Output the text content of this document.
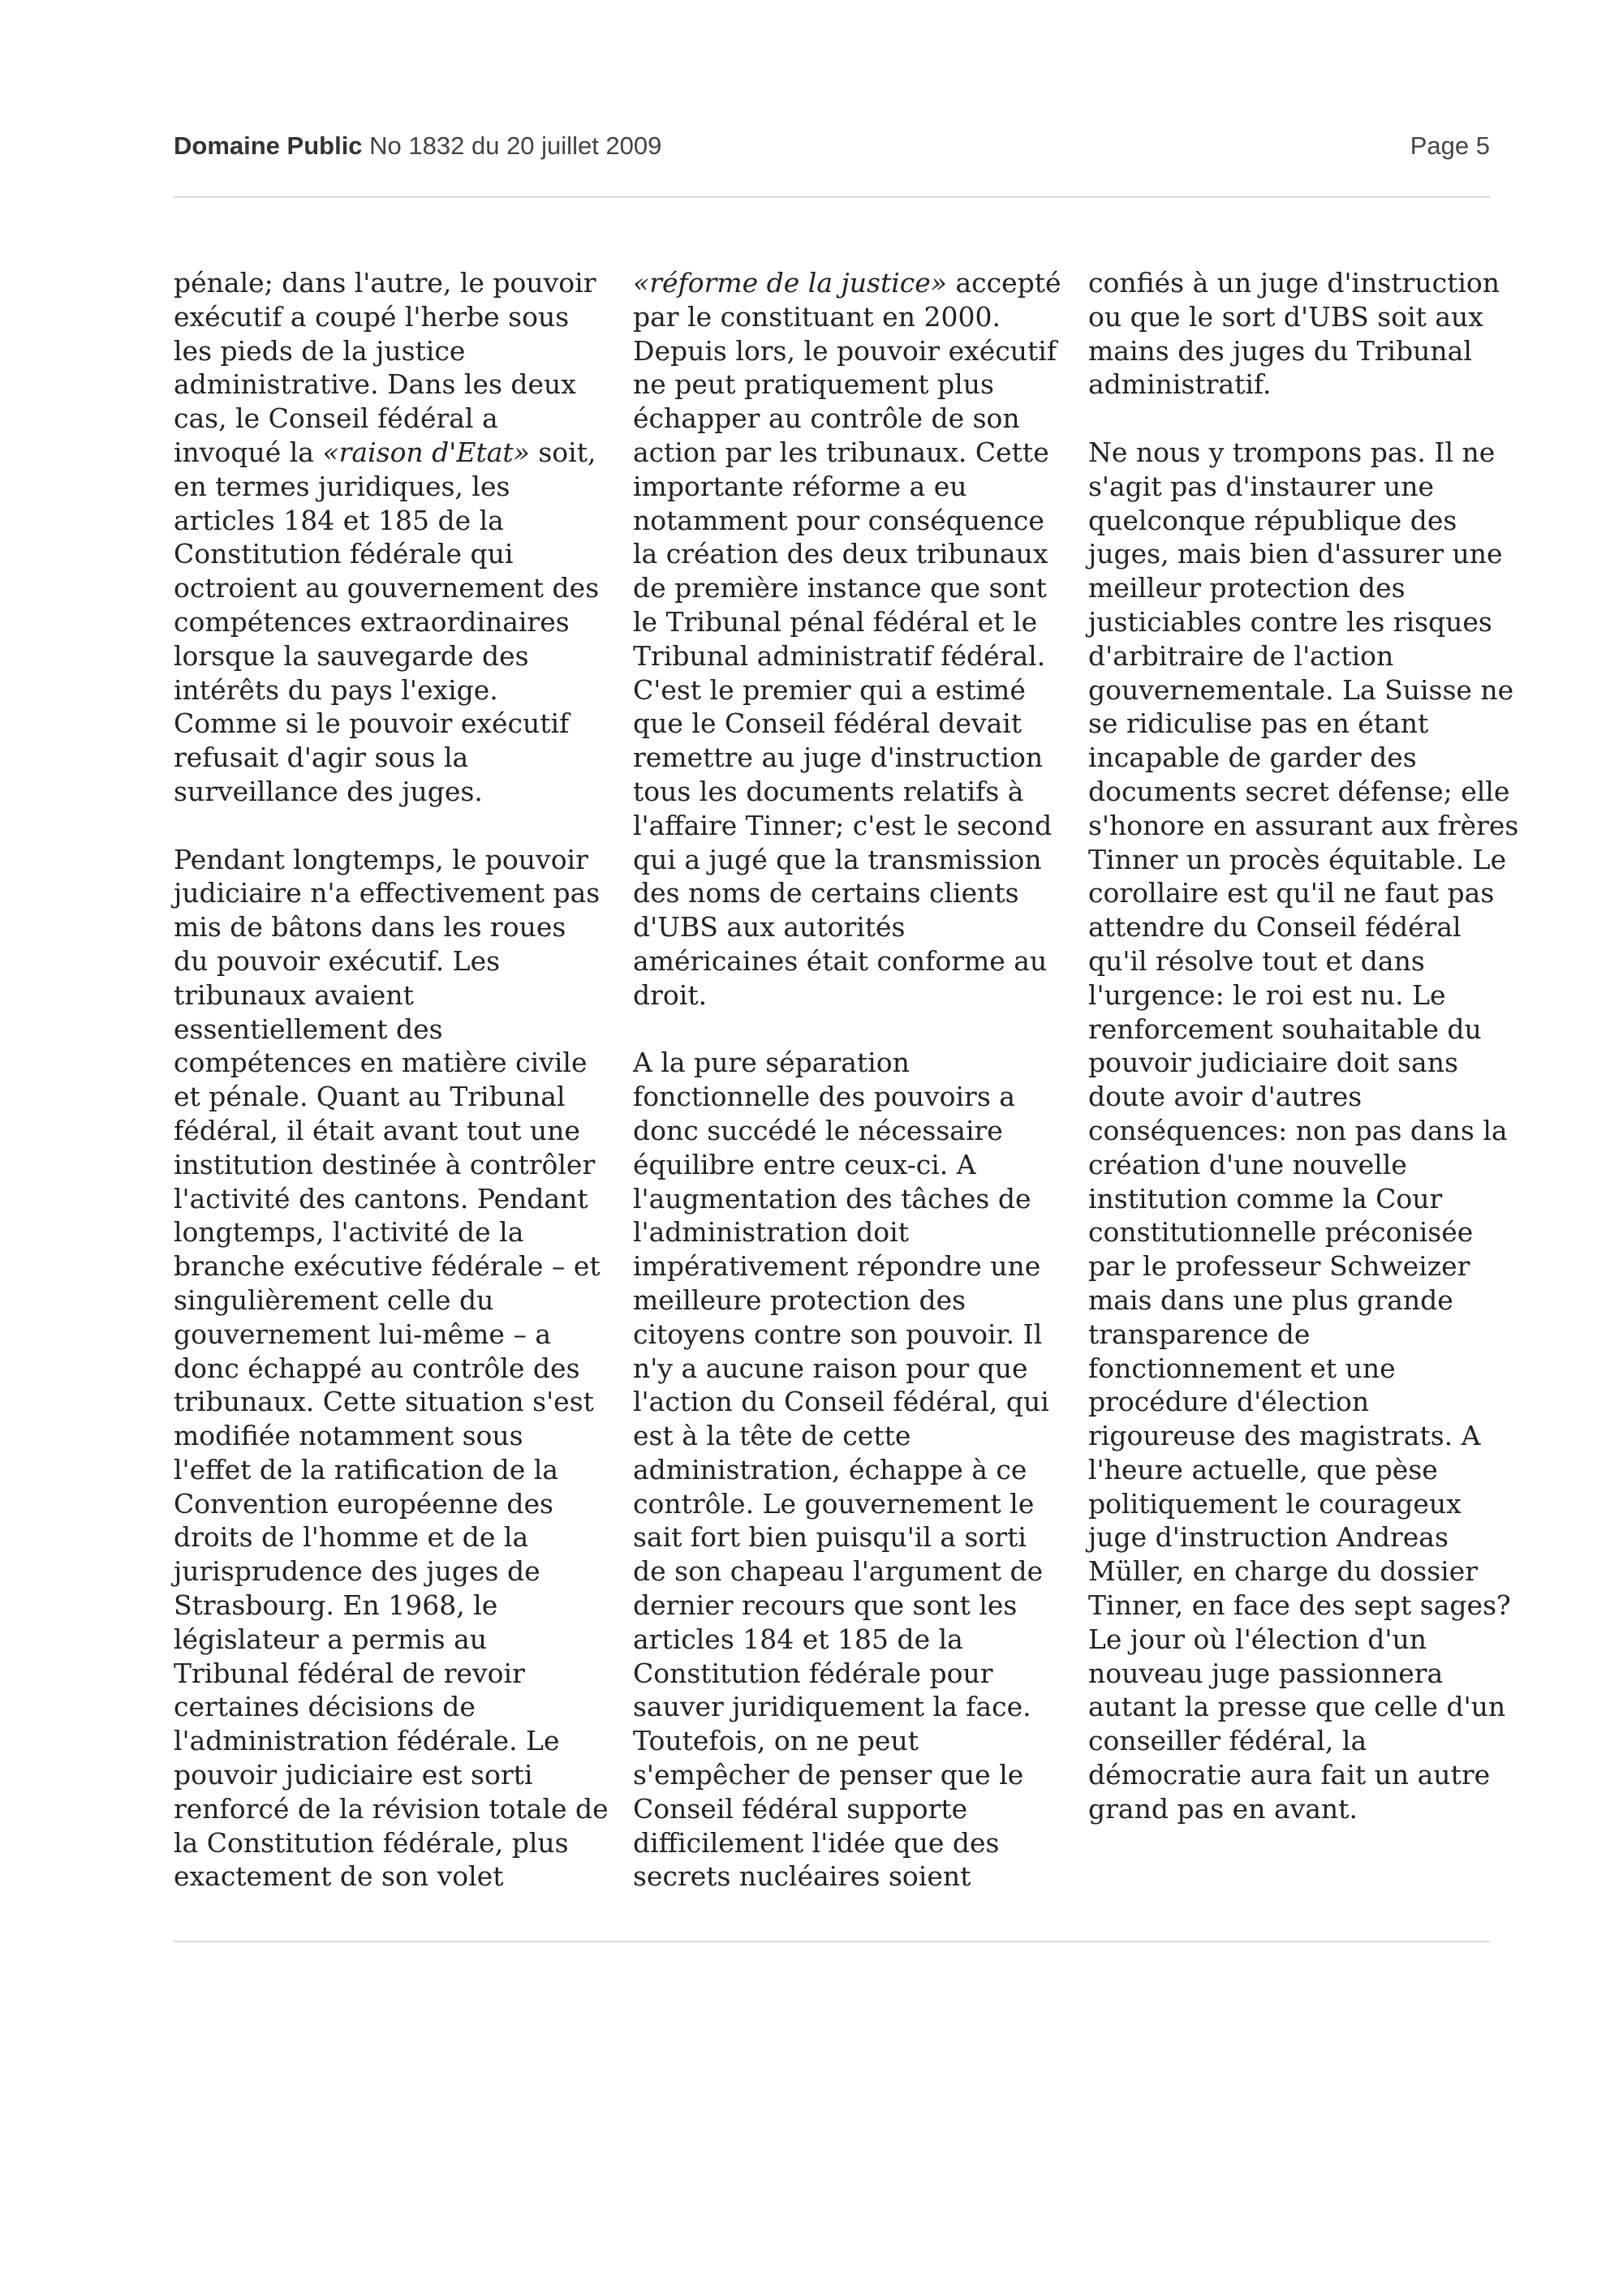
Domaine Public No 1832 du 20 juillet 2009	Page 5

pénale; dans l'autre, le pouvoir
exécutif a coupé l'herbe sous
les pieds de la justice
administrative. Dans les deux
cas, le Conseil fédéral a
invoqué la «raison d'Etat» soit,
en termes juridiques, les
articles 184 et 185 de la
Constitution fédérale qui
octroient au gouvernement des
compétences extraordinaires
lorsque la sauvegarde des
intérêts du pays l'exige.
Comme si le pouvoir exécutif
refusait d'agir sous la
surveillance des juges.

Pendant longtemps, le pouvoir
judiciaire n'a effectivement pas
mis de bâtons dans les roues
du pouvoir exécutif. Les
tribunaux avaient
essentiellement des
compétences en matière civile
et pénale. Quant au Tribunal
fédéral, il était avant tout une
institution destinée à contrôler
l'activité des cantons. Pendant
longtemps, l'activité de la
branche exécutive fédérale – et
singulièrement celle du
gouvernement lui-même – a
donc échappé au contrôle des
tribunaux. Cette situation s'est
modifiée notamment sous
l'effet de la ratification de la
Convention européenne des
droits de l'homme et de la
jurisprudence des juges de
Strasbourg. En 1968, le
législateur a permis au
Tribunal fédéral de revoir
certaines décisions de
l'administration fédérale. Le
pouvoir judiciaire est sorti
renforcé de la révision totale de
la Constitution fédérale, plus
exactement de son volet

«réforme de la justice» accepté
par le constituant en 2000.
Depuis lors, le pouvoir exécutif
ne peut pratiquement plus
échapper au contrôle de son
action par les tribunaux. Cette
importante réforme a eu
notamment pour conséquence
la création des deux tribunaux
de première instance que sont
le Tribunal pénal fédéral et le
Tribunal administratif fédéral.
C'est le premier qui a estimé
que le Conseil fédéral devait
remettre au juge d'instruction
tous les documents relatifs à
l'affaire Tinner; c'est le second
qui a jugé que la transmission
des noms de certains clients
d'UBS aux autorités
américaines était conforme au
droit.

A la pure séparation
fonctionnelle des pouvoirs a
donc succédé le nécessaire
équilibre entre ceux-ci. A
l'augmentation des tâches de
l'administration doit
impérativement répondre une
meilleure protection des
citoyens contre son pouvoir. Il
n'y a aucune raison pour que
l'action du Conseil fédéral, qui
est à la tête de cette
administration, échappe à ce
contrôle. Le gouvernement le
sait fort bien puisqu'il a sorti
de son chapeau l'argument de
dernier recours que sont les
articles 184 et 185 de la
Constitution fédérale pour
sauver juridiquement la face.
Toutefois, on ne peut
s'empêcher de penser que le
Conseil fédéral supporte
difficilement l'idée que des
secrets nucléaires soient

confiés à un juge d'instruction
ou que le sort d'UBS soit aux
mains des juges du Tribunal
administratif.

Ne nous y trompons pas. Il ne
s'agit pas d'instaurer une
quelconque république des
juges, mais bien d'assurer une
meilleur protection des
justiciables contre les risques
d'arbitraire de l'action
gouvernementale. La Suisse ne
se ridiculise pas en étant
incapable de garder des
documents secret défense; elle
s'honore en assurant aux frères
Tinner un procès équitable. Le
corollaire est qu'il ne faut pas
attendre du Conseil fédéral
qu'il résolve tout et dans
l'urgence: le roi est nu. Le
renforcement souhaitable du
pouvoir judiciaire doit sans
doute avoir d'autres
conséquences: non pas dans la
création d'une nouvelle
institution comme la Cour
constitutionnelle préconisée
par le professeur Schweizer
mais dans une plus grande
transparence de
fonctionnement et une
procédure d'élection
rigoureuse des magistrats. A
l'heure actuelle, que pèse
politiquement le courageux
juge d'instruction Andreas
Müller, en charge du dossier
Tinner, en face des sept sages?
Le jour où l'élection d'un
nouveau juge passionnera
autant la presse que celle d'un
conseiller fédéral, la
démocratie aura fait un autre
grand pas en avant.
